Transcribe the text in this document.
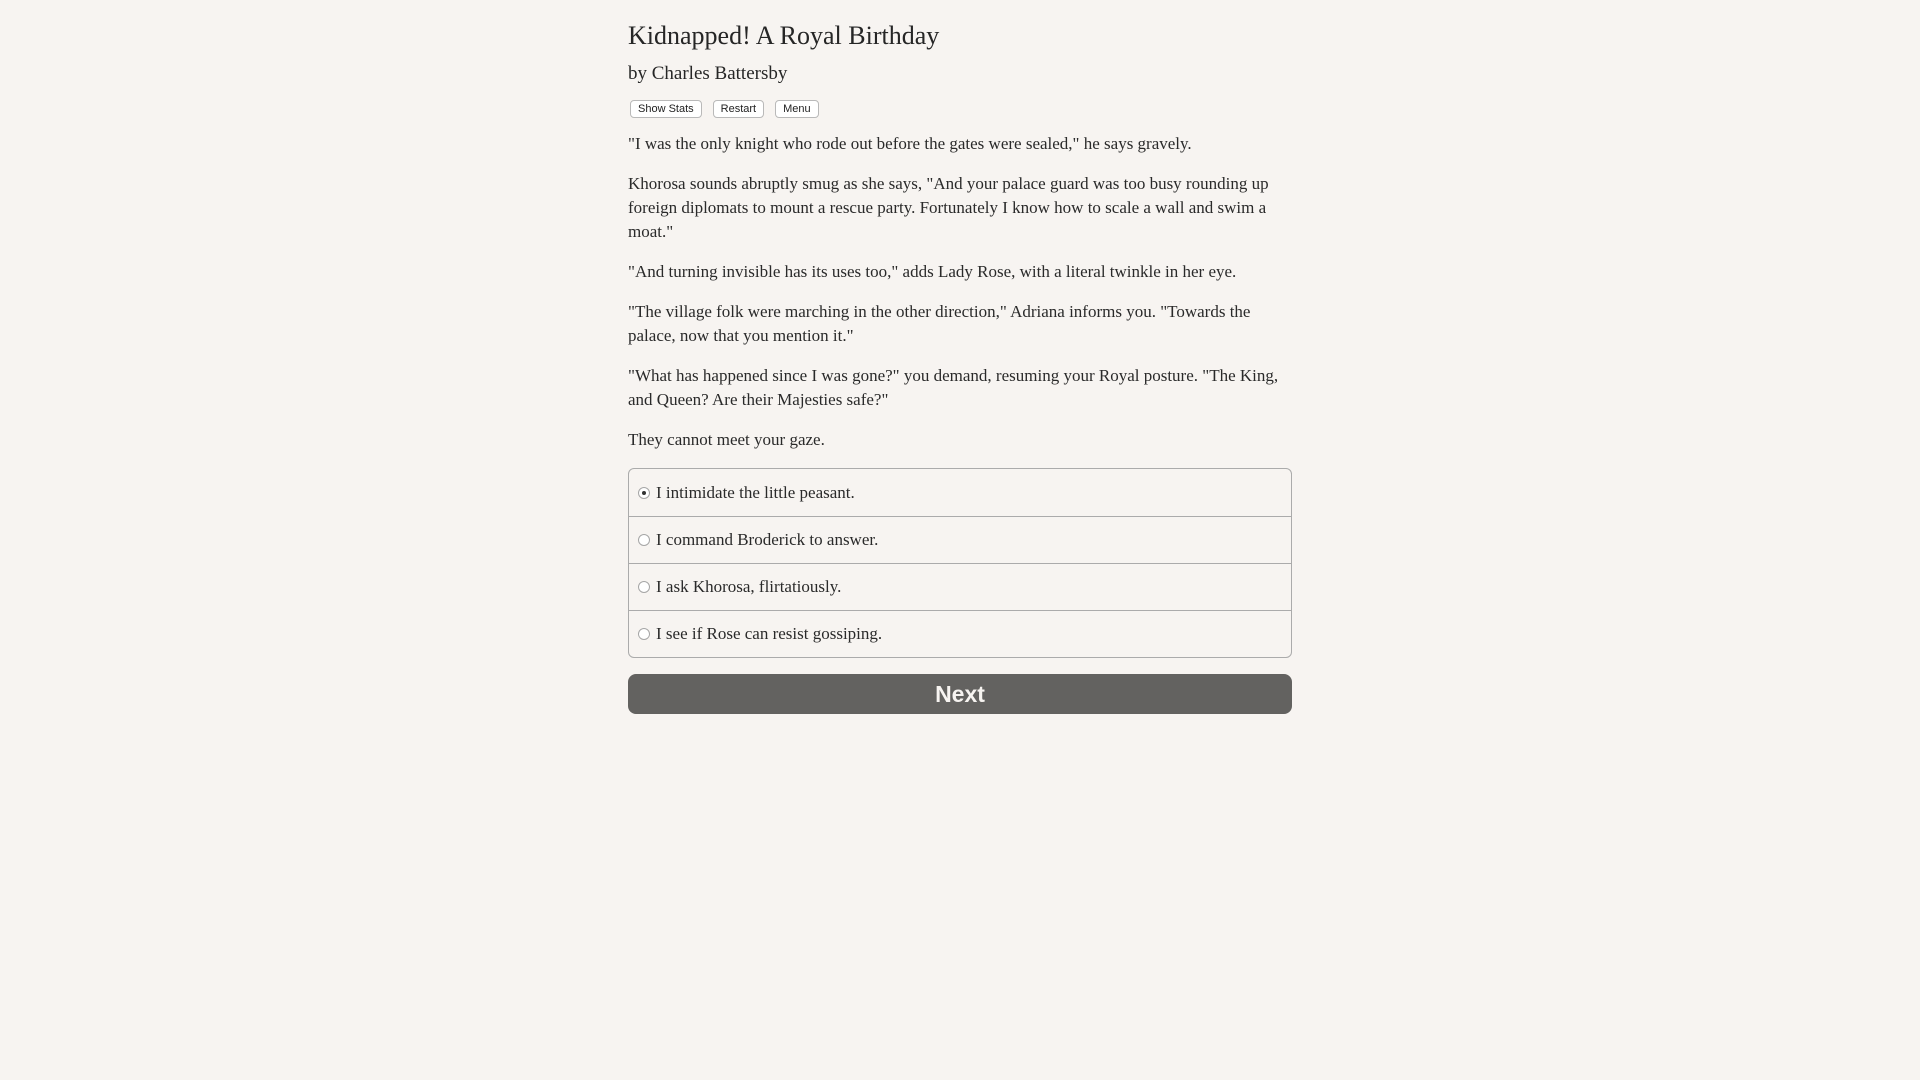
Kidnapped! A Royal Birthday
by Charles Battersby
Show Stats	Restart	Menu

"I was the only knight who rode out before the gates were sealed," he says gravely.

Khorosa sounds abruptly smug as she says, "And your palace guard was too busy rounding up foreign diplomats to mount a rescue party. Fortunately I know how to scale a wall and swim a moat."

"And turning invisible has its uses too," adds Lady Rose, with a literal twinkle in her eye.

"The village folk were marching in the other direction," Adriana informs you. "Towards the palace, now that you mention it."

"What has happened since I was gone?" you demand, resuming your Royal posture. "The King, and Queen? Are their Majesties safe?"

They cannot meet your gaze.

I intimidate the little peasant.
I command Broderick to answer.
I ask Khorosa, flirtatiously.
I see if Rose can resist gossiping.
Next
